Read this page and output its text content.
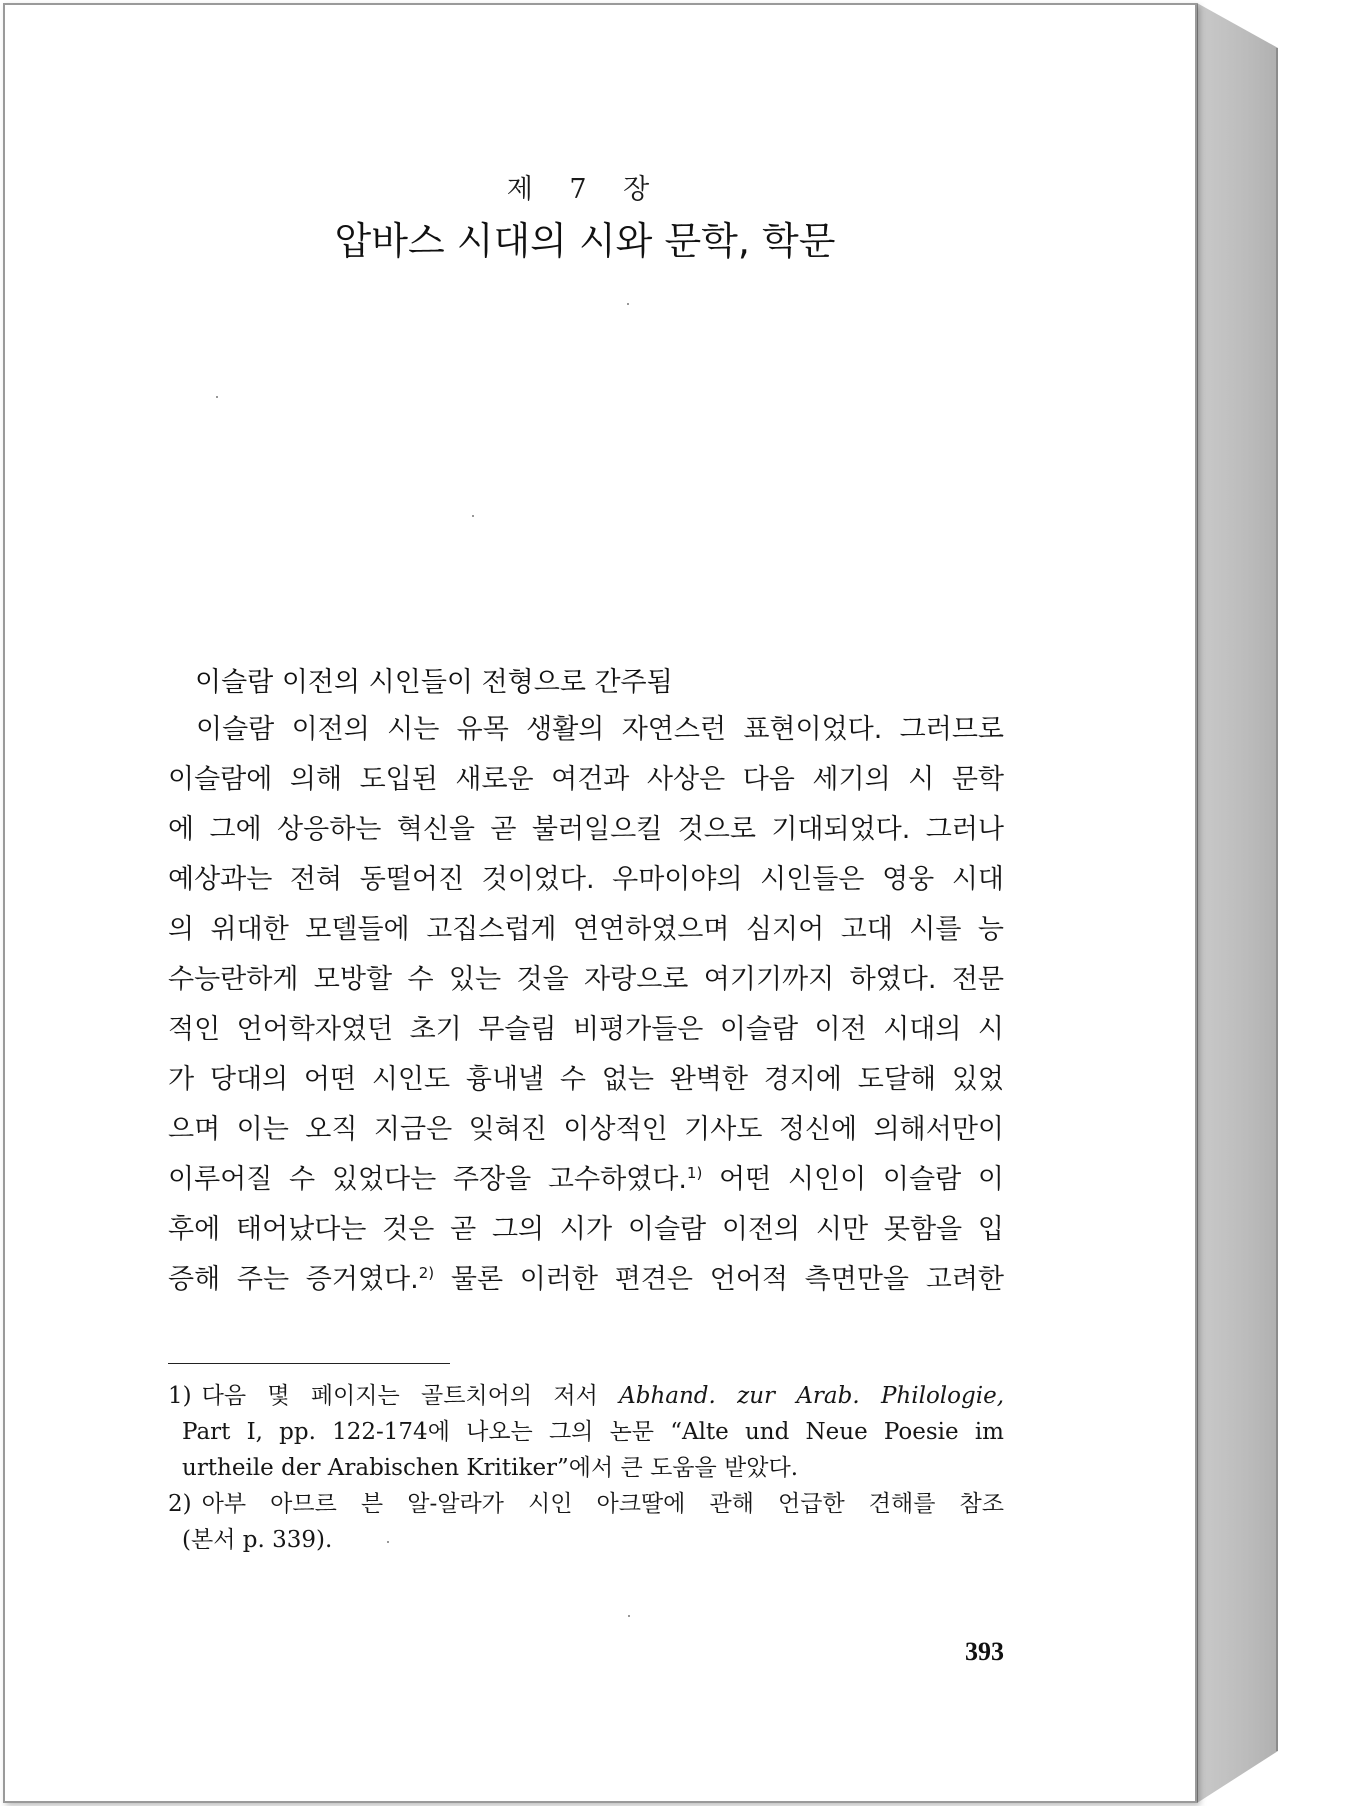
제 7 장
압바스 시대의 시와 문학, 학문
이슬람 이전의 시인들이 전형으로 간주됨
이슬람 이전의 시는 유목 생활의 자연스런 표현이었다. 그러므로
이슬람에 의해 도입된 새로운 여건과 사상은 다음 세기의 시 문학
에 그에 상응하는 혁신을 곧 불러일으킬 것으로 기대되었다. 그러나
예상과는 전혀 동떨어진 것이었다. 우마이야의 시인들은 영웅 시대
의 위대한 모델들에 고집스럽게 연연하였으며 심지어 고대 시를 능
수능란하게 모방할 수 있는 것을 자랑으로 여기기까지 하였다. 전문
적인 언어학자였던 초기 무슬림 비평가들은 이슬람 이전 시대의 시
가 당대의 어떤 시인도 흉내낼 수 없는 완벽한 경지에 도달해 있었
으며 이는 오직 지금은 잊혀진 이상적인 기사도 정신에 의해서만이
이루어질 수 있었다는 주장을 고수하였다.$^{1)}$ 어떤 시인이 이슬람 이
후에 태어났다는 것은 곧 그의 시가 이슬람 이전의 시만 못함을 입
증해 주는 증거였다.$^{2)}$ 물론 이러한 편견은 언어적 측면만을 고려한
1) 다음 몇 페이지는 골트치어의 저서 Abhand. zur Arab. Philologie,
Part I, pp. 122-174에 나오는 그의 논문 “Alte und Neue Poesie im
urtheile der Arabischen Kritiker”에서 큰 도움을 받았다.
2) 아부 아므르 븐 알-알라가 시인 아크딸에 관해 언급한 견해를 참조
(본서 p. 339).
393
